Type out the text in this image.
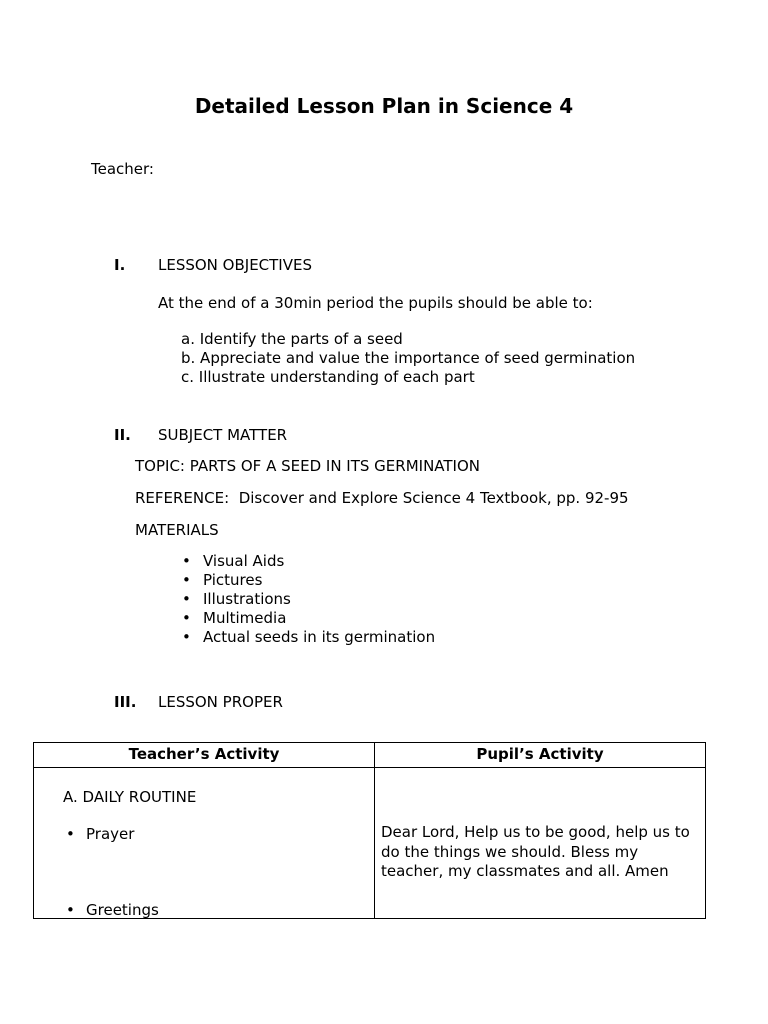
Detailed Lesson Plan in Science 4
Teacher:
I. LESSON OBJECTIVES
At the end of a 30min period the pupils should be able to:
a. Identify the parts of a seed
b. Appreciate and value the importance of seed germination
c. Illustrate understanding of each part
II. SUBJECT MATTER
TOPIC: PARTS OF A SEED IN ITS GERMINATION
REFERENCE: Discover and Explore Science 4 Textbook, pp. 92-95
MATERIALS
• Visual Aids
• Pictures
• Illustrations
• Multimedia
• Actual seeds in its germination
III. LESSON PROPER
Teacher’s Activity	Pupil’s Activity

A. DAILY ROUTINE
• Prayer
• Greetings	Dear Lord, Help us to be good, help us to do the things we should. Bless my teacher, my classmates and all. Amen
